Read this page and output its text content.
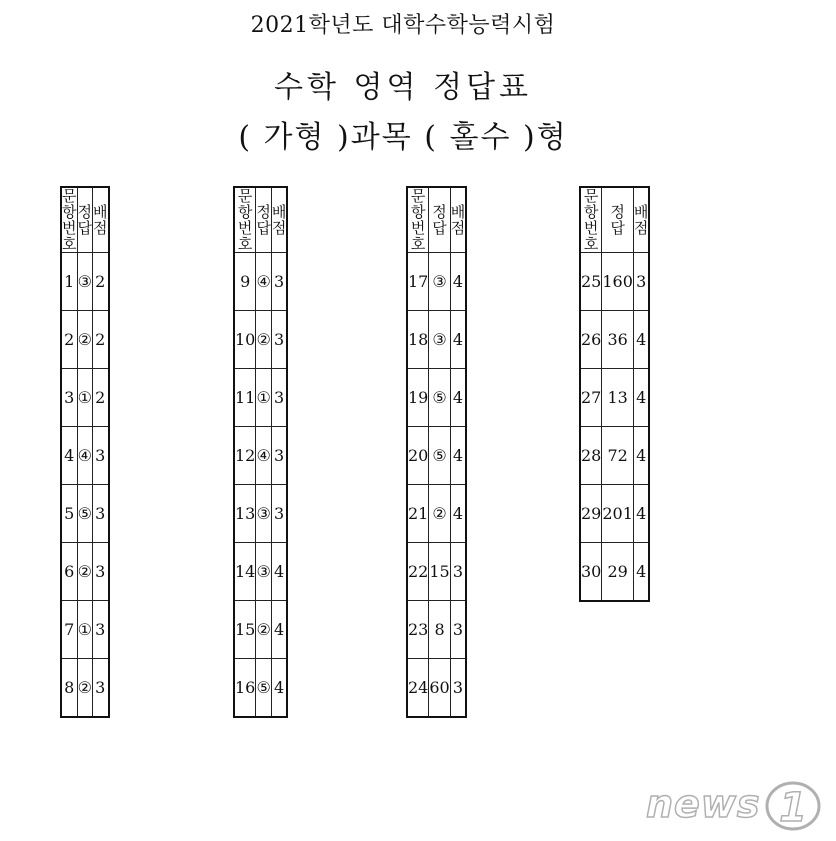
2021학년도 대학수학능력시험
수학 영역 정답표
( 가형 )과목 ( 홀수 )형
문항
번호	정 답	배 점
1	③	2
2	②	2
3	①	2
4	④	3
5	⑤	3
6	②	3
7	①	3
8	②	3
문항
번호	정 답	배 점
9	④	3
10	②	3
11	①	3
12	④	3
13	③	3
14	③	4
15	②	4
16	⑤	4
문항
번호	정 답	배 점
17	③	4
18	③	4
19	⑤	4
20	⑤	4
21	②	4
22	15	3
23	8	3
24	60	3
문항
번호	정 답	배 점
25	160	3
26	36	4
27	13	4
28	72	4
29	201	4
30	29	4
news 1
